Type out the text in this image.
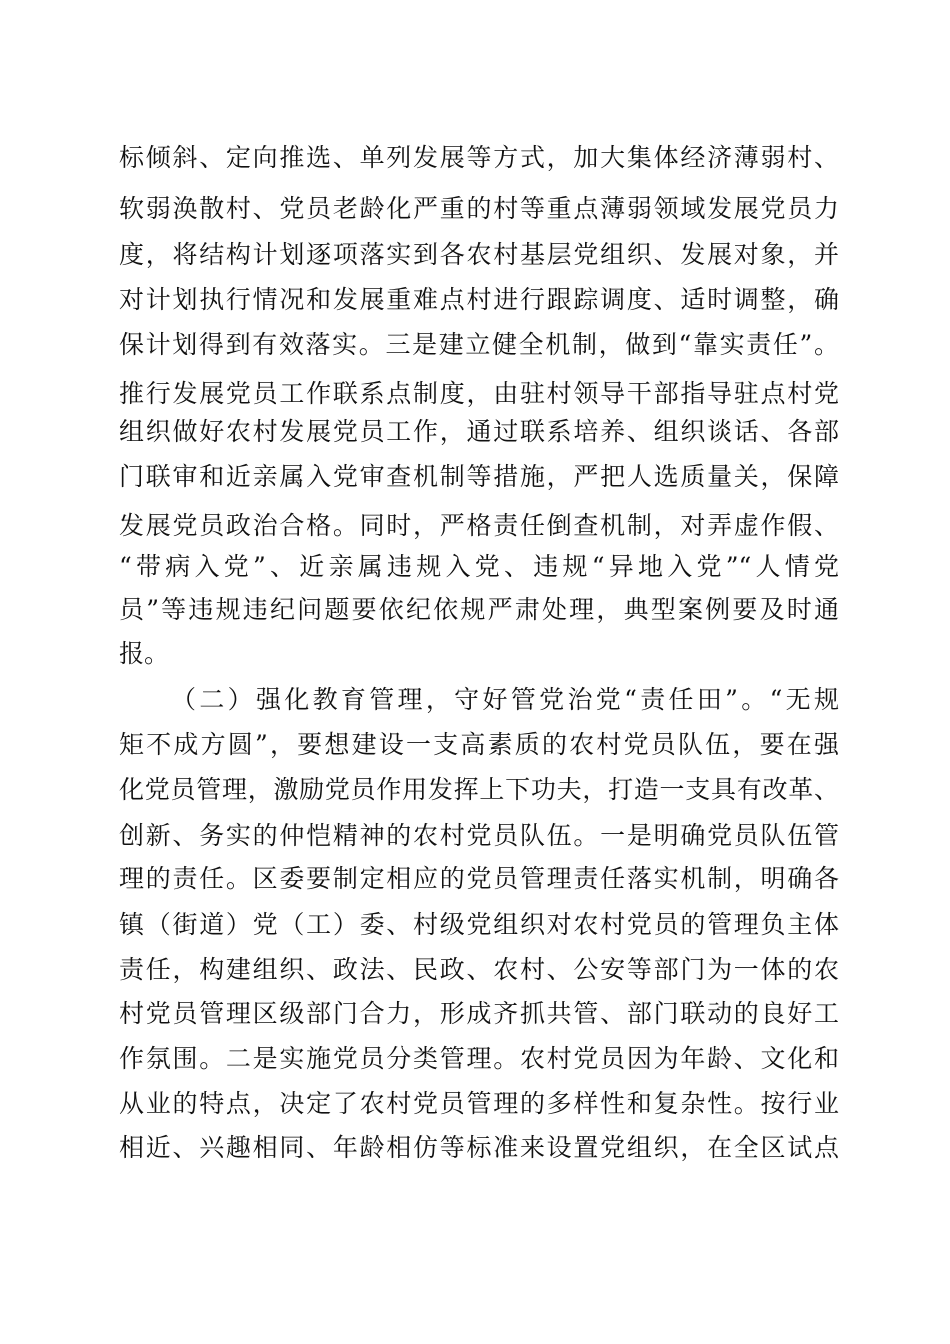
标倾斜、定向推选、单列发展等方式，加大集体经济薄弱村、
软弱涣散村、党员老龄化严重的村等重点薄弱领域发展党员力
度，将结构计划逐项落实到各农村基层党组织、发展对象，并
对计划执行情况和发展重难点村进行跟踪调度、适时调整，确
保计划得到有效落实。三是建立健全机制，做到“靠实责任”。
推行发展党员工作联系点制度，由驻村领导干部指导驻点村党
组织做好农村发展党员工作，通过联系培养、组织谈话、各部
门联审和近亲属入党审查机制等措施，严把人选质量关，保障
发展党员政治合格。同时，严格责任倒查机制，对弄虚作假、
“带病入党”、近亲属违规入党、违规“异地入党”“人情党
员”等违规违纪问题要依纪依规严肃处理，典型案例要及时通
报。
（二）强化教育管理，守好管党治党“责任田”。“无规
矩不成方圆”，要想建设一支高素质的农村党员队伍，要在强
化党员管理，激励党员作用发挥上下功夫，打造一支具有改革、
创新、务实的仲恺精神的农村党员队伍。一是明确党员队伍管
理的责任。区委要制定相应的党员管理责任落实机制，明确各
镇（街道）党（工）委、村级党组织对农村党员的管理负主体
责任，构建组织、政法、民政、农村、公安等部门为一体的农
村党员管理区级部门合力，形成齐抓共管、部门联动的良好工
作氛围。二是实施党员分类管理。农村党员因为年龄、文化和
从业的特点，决定了农村党员管理的多样性和复杂性。按行业
相近、兴趣相同、年龄相仿等标准来设置党组织，在全区试点
